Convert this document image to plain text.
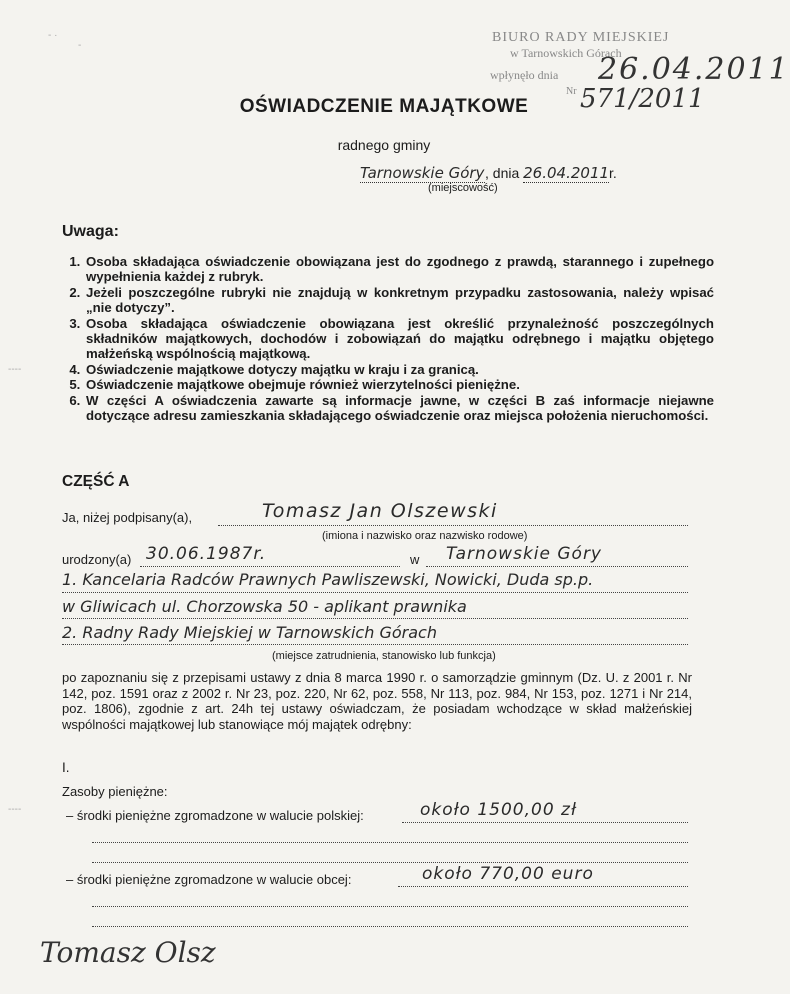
‑ ·
‑
‑‑‑‑
‑‑‑‑
BIURO RADY MIEJSKIEJ
w Tarnowskich Górach
wpłynęło dnia
Nr
26.04.2011
571/2011
OŚWIADCZENIE MAJĄTKOWE
radnego gminy
Tarnowskie Góry, dnia 26.04.2011r.
(miejscowość)
Uwaga:
1. Osoba składająca oświadczenie obowiązana jest do zgodnego z prawdą, starannego i zupełnego wypełnienia każdej z rubryk.
2. Jeżeli poszczególne rubryki nie znajdują w konkretnym przypadku zastosowania, należy wpisać „nie dotyczy”.
3. Osoba składająca oświadczenie obowiązana jest określić przynależność poszczególnych składników majątkowych, dochodów i zobowiązań do majątku odrębnego i majątku objętego małżeńską wspólnością majątkową.
4. Oświadczenie majątkowe dotyczy majątku w kraju i za granicą.
5. Oświadczenie majątkowe obejmuje również wierzytelności pieniężne.
6. W części A oświadczenia zawarte są informacje jawne, w części B zaś informacje niejawne dotyczące adresu zamieszkania składającego oświadczenie oraz miejsca położenia nieruchomości.
CZĘŚĆ A
Ja, niżej podpisany(a),	Tomasz Jan Olszewski
(imiona i nazwisko oraz nazwisko rodowe)
urodzony(a) 30.06.1987r.	w Tarnowskie Góry
1. Kancelaria Radców Prawnych Pawliszewski, Nowicki, Duda sp.p.
w Gliwicach ul. Chorzowska 50 - aplikant prawnika
2. Radny Rady Miejskiej w Tarnowskich Górach
(miejsce zatrudnienia, stanowisko lub funkcja)
po zapoznaniu się z przepisami ustawy z dnia 8 marca 1990 r. o samorządzie gminnym (Dz. U. z 2001 r. Nr 142, poz. 1591 oraz z 2002 r. Nr 23, poz. 220, Nr 62, poz. 558, Nr 113, poz. 984, Nr 153, poz. 1271 i Nr 214, poz. 1806), zgodnie z art. 24h tej ustawy oświadczam, że posiadam wchodzące w skład małżeńskiej wspólności majątkowej lub stanowiące mój majątek odrębny:
I.
Zasoby pieniężne:
– środki pieniężne zgromadzone w walucie polskiej:	około 1500,00 zł
– środki pieniężne zgromadzone w walucie obcej:	około 770,00 euro
Tomasz Olsz
